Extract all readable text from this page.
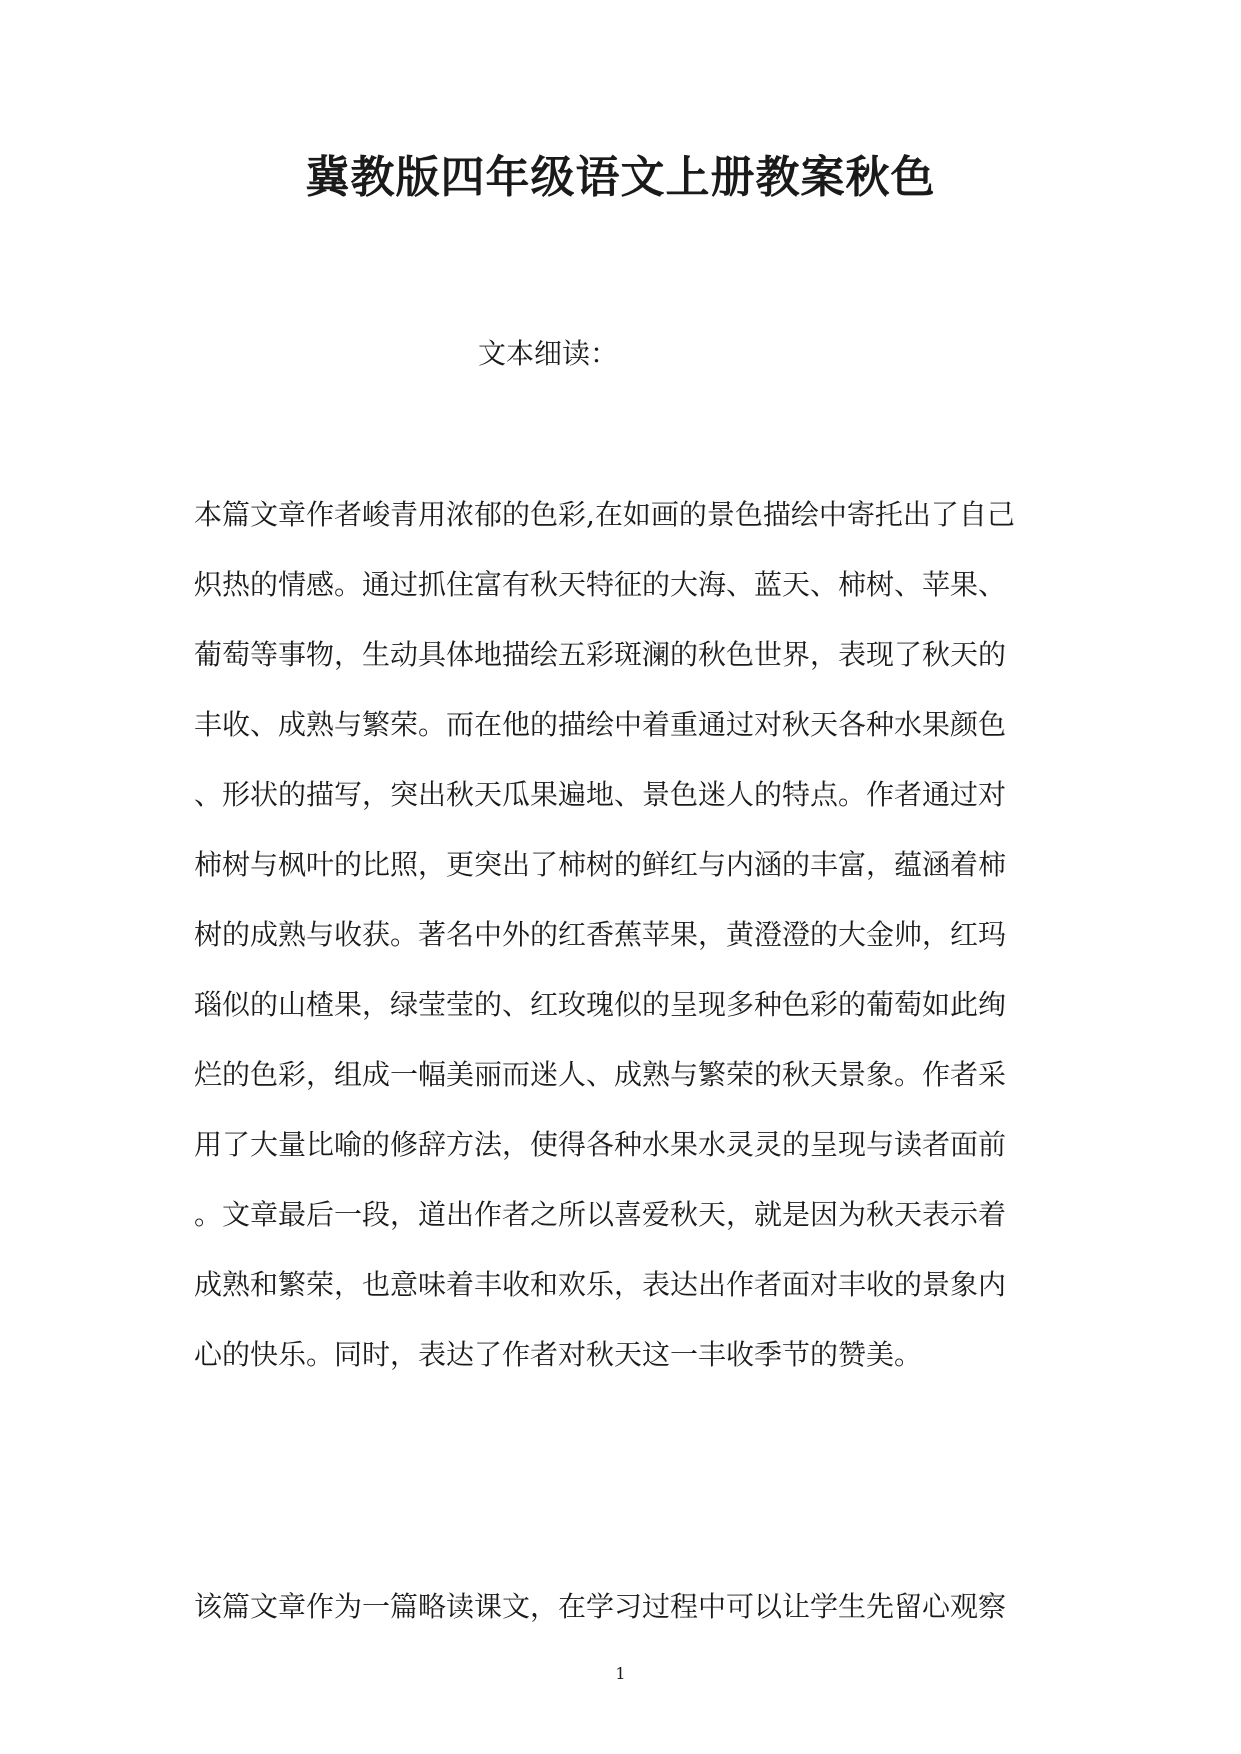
冀教版四年级语文上册教案秋色
文本细读：
本篇文章作者峻青用浓郁的色彩,在如画的景色描绘中寄托出了自己
炽热的情感。通过抓住富有秋天特征的大海、蓝天、柿树、苹果、
葡萄等事物，生动具体地描绘五彩斑澜的秋色世界，表现了秋天的
丰收、成熟与繁荣。而在他的描绘中着重通过对秋天各种水果颜色
、形状的描写，突出秋天瓜果遍地、景色迷人的特点。作者通过对
柿树与枫叶的比照，更突出了柿树的鲜红与内涵的丰富，蕴涵着柿
树的成熟与收获。著名中外的红香蕉苹果，黄澄澄的大金帅，红玛
瑙似的山楂果，绿莹莹的、红玫瑰似的呈现多种色彩的葡萄如此绚
烂的色彩，组成一幅美丽而迷人、成熟与繁荣的秋天景象。作者采
用了大量比喻的修辞方法，使得各种水果水灵灵的呈现与读者面前
。文章最后一段，道出作者之所以喜爱秋天，就是因为秋天表示着
成熟和繁荣，也意味着丰收和欢乐，表达出作者面对丰收的景象内
心的快乐。同时，表达了作者对秋天这一丰收季节的赞美。
该篇文章作为一篇略读课文，在学习过程中可以让学生先留心观察
1
